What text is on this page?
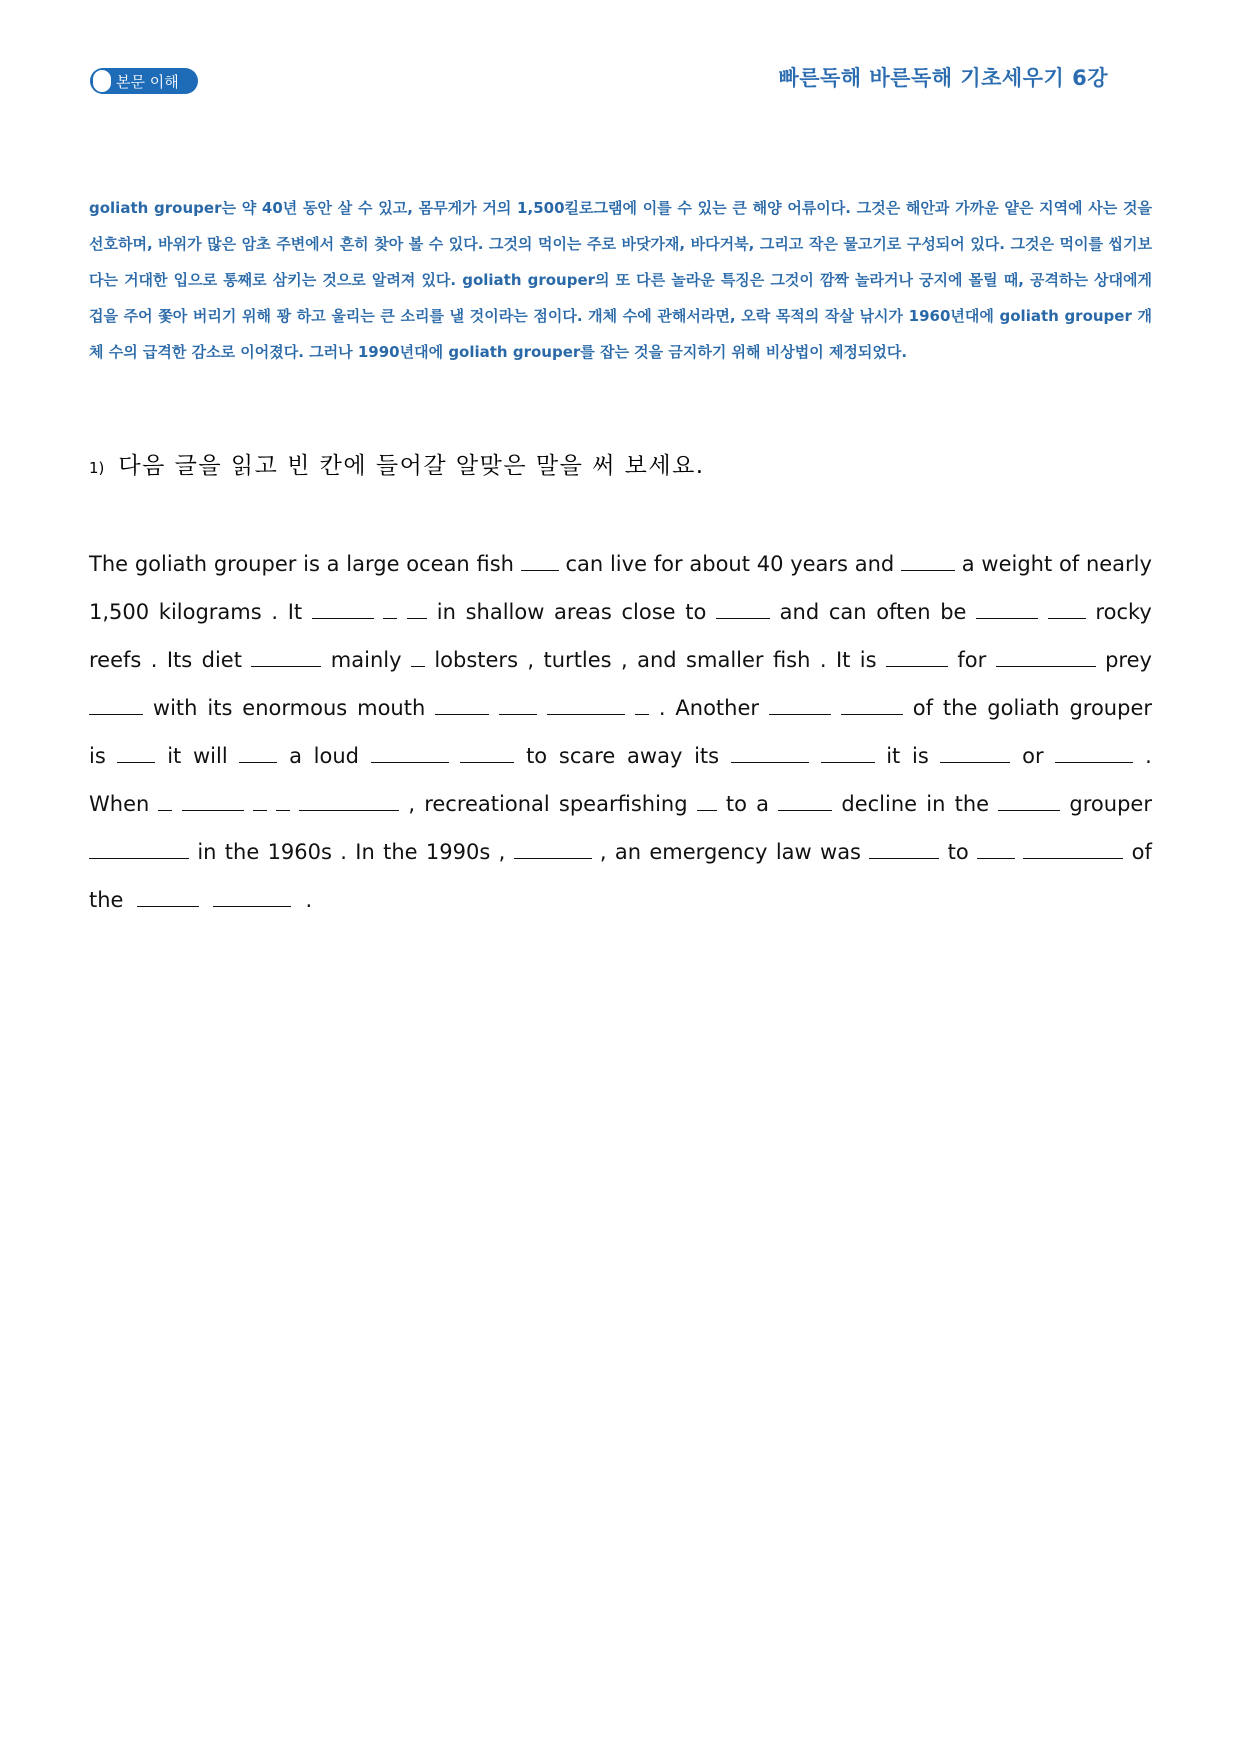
본문 이해	빠른독해 바른독해 기초세우기 6강
goliath grouper는 약 40년 동안 살 수 있고, 몸무게가 거의 1,500킬로그램에 이를 수 있는 큰 해양 어류이다. 그것은 해안과 가까운 얕은 지역에 사는 것을 선호하며, 바위가 많은 암초 주변에서 흔히 찾아 볼 수 있다. 그것의 먹이는 주로 바닷가재, 바다거북, 그리고 작은 물고기로 구성되어 있다. 그것은 먹이를 씹기보다는 거대한 입으로 통째로 삼키는 것으로 알려져 있다. goliath grouper의 또 다른 놀라운 특징은 그것이 깜짝 놀라거나 궁지에 몰릴 때, 공격하는 상대에게 겁을 주어 쫓아 버리기 위해 꽝 하고 울리는 큰 소리를 낼 것이라는 점이다. 개체 수에 관해서라면, 오락 목적의 작살 낚시가 1960년대에 goliath grouper 개체 수의 급격한 감소로 이어졌다. 그러나 1990년대에 goliath grouper를 잡는 것을 금지하기 위해 비상법이 제정되었다.
1) 다음 글을 읽고 빈 칸에 들어갈 알맞은 말을 써 보세요.
The goliath grouper is a large ocean fish can live for about 40 years and	a weight of nearly
1,500 kilograms . It	in shallow areas close to	and can often be	rocky
reefs . Its diet	mainly lobsters , turtles , and smaller fish . It is	for	prey
with its enormous mouth	. Another	of the goliath grouper
is	it will	a loud	to scare away its	it is	or	.
When	, recreational spearfishing to a	decline in the	grouper
in the 1960s . In the 1990s ,	, an emergency law was	to	of
the	.
